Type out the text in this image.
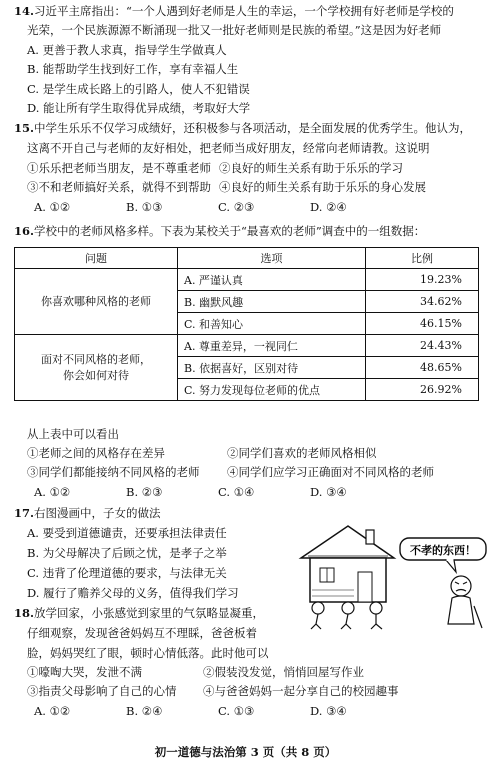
14.习近平主席指出：“一个人遇到好老师是人生的幸运，一个学校拥有好老师是学校的
光荣，一个民族源源不断涌现一批又一批好老师则是民族的希望。”这是因为好老师
A. 更善于教人求真，指导学生学做真人
B. 能帮助学生找到好工作，享有幸福人生
C. 是学生成长路上的引路人，使人不犯错误
D. 能让所有学生取得优异成绩，考取好大学
15.中学生乐乐不仅学习成绩好，还积极参与各项活动，是全面发展的优秀学生。他认为，
这离不开自己与老师的友好相处，把老师当成好朋友，经常向老师请教。这说明
①乐乐把老师当朋友，是不尊重老师 ②良好的师生关系有助于乐乐的学习
③不和老师搞好关系，就得不到帮助 ④良好的师生关系有助于乐乐的身心发展
A. ①②	B. ①③	C. ②③	D. ②④
16.学校中的老师风格多样。下表为某校关于“最喜欢的老师”调查中的一组数据：
问题	选项	比例
你喜欢哪种风格的老师	A. 严谨认真	19.23%
	B. 幽默风趣	34.62%
	C. 和善知心	46.15%
面对不同风格的老师，
你会如何对待	A. 尊重差异，一视同仁	24.43%
	B. 依据喜好，区别对待	48.65%
	C. 努力发现每位老师的优点	26.92%
从上表中可以看出
①老师之间的风格存在差异	②同学们喜欢的老师风格相似
③同学们都能接纳不同风格的老师 ④同学们应学习正确面对不同风格的老师
A. ①②	B. ②③	C. ①④	D. ③④
17.右图漫画中，子女的做法
A. 要受到道德谴责，还要承担法律责任
B. 为父母解决了后顾之忧，是孝子之举
C. 违背了伦理道德的要求，与法律无关
D. 履行了赡养父母的义务，值得我们学习
不孝的东西！
18.放学回家，小张感觉到家里的气氛略显凝重，
仔细观察，发现爸爸妈妈互不理睬，爸爸板着
脸，妈妈哭红了眼，顿时心情低落。此时他可以
①嚎啕大哭，发泄不满	②假装没发觉，悄悄回屋写作业
③指责父母影响了自己的心情 ④与爸爸妈妈一起分享自己的校园趣事
A. ①②	B. ②④	C. ①③	D. ③④
初一道德与法治第 3 页（共 8 页）
